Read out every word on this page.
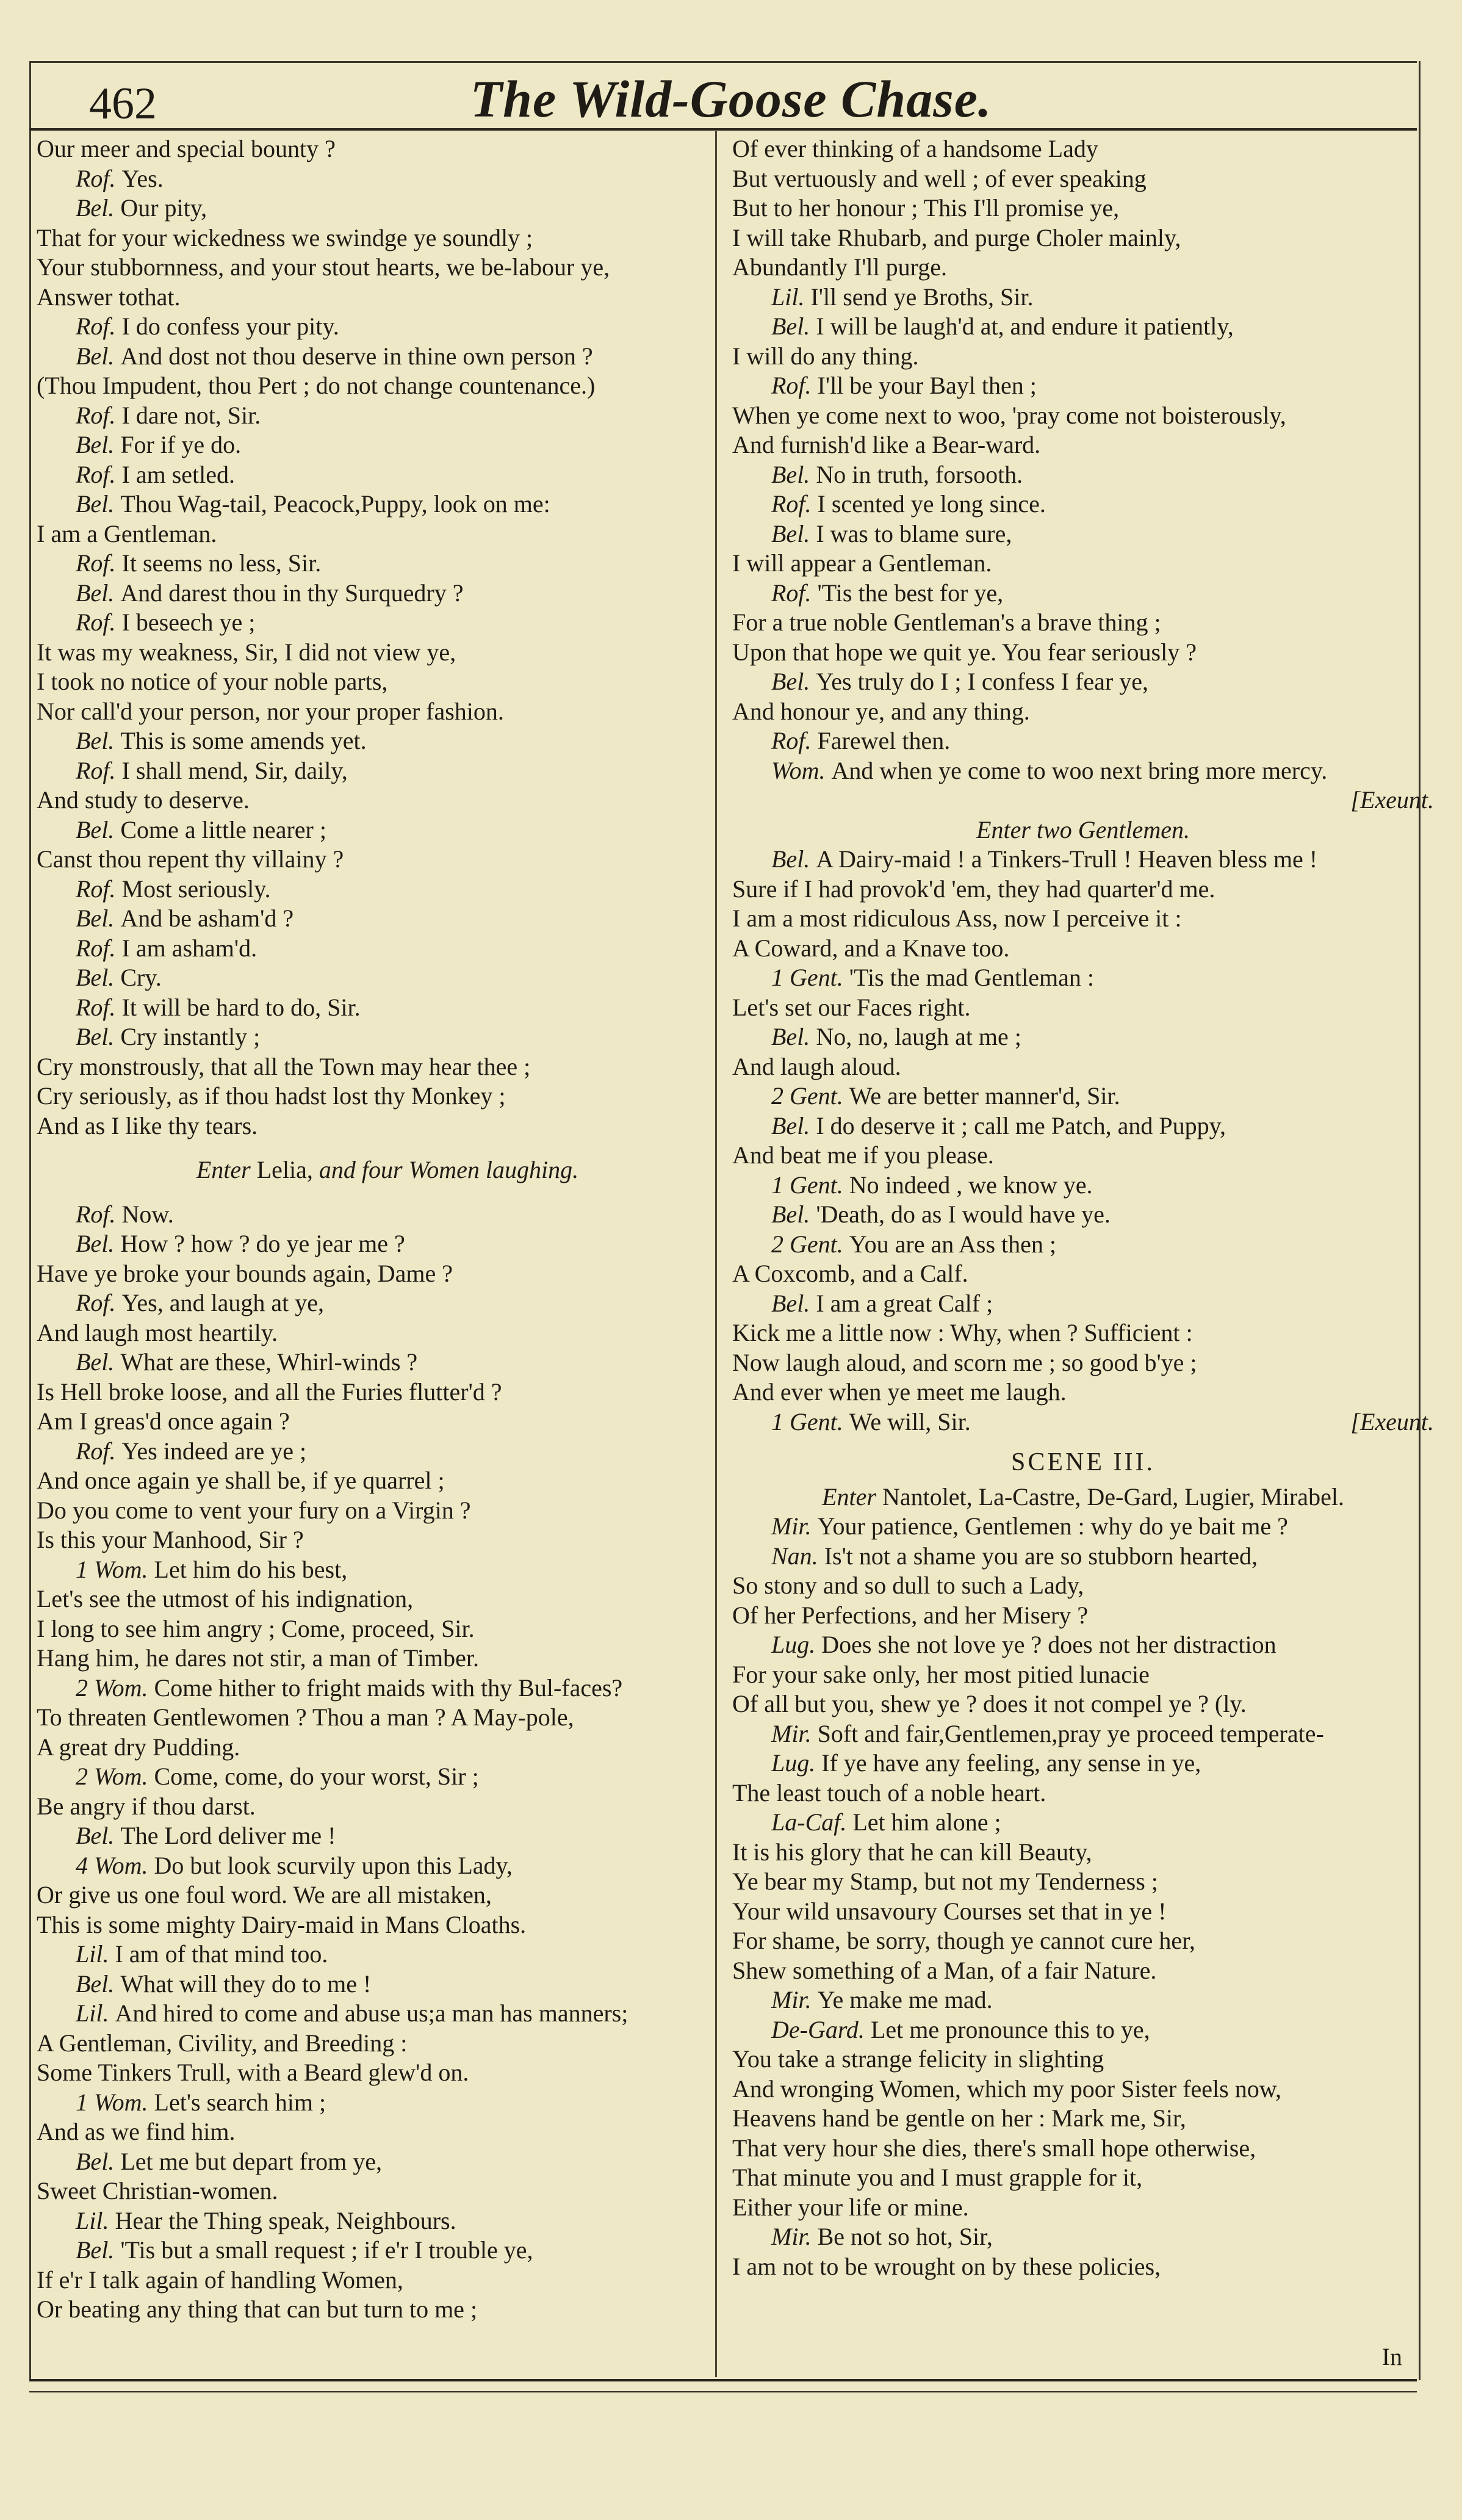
462	The Wild-Goose Chase.
Our meer and special bounty ?
Rof. Yes.
Bel. Our pity,
That for your wickedness we swindge ye soundly ;
Your stubbornness, and your stout hearts, we be-labour ye,
Answer tothat.
Rof. I do confess your pity.
Bel. And dost not thou deserve in thine own person ?
(Thou Impudent, thou Pert ; do not change countenance.)
Rof. I dare not, Sir.
Bel. For if ye do.
Rof. I am setled.
Bel. Thou Wag-tail, Peacock,Puppy, look on me:
I am a Gentleman.
Rof. It seems no less, Sir.
Bel. And darest thou in thy Surquedry ?
Rof. I beseech ye ;
It was my weakness, Sir, I did not view ye,
I took no notice of your noble parts,
Nor call'd your person, nor your proper fashion.
Bel. This is some amends yet.
Rof. I shall mend, Sir, daily,
And study to deserve.
Bel. Come a little nearer ;
Canst thou repent thy villainy ?
Rof. Most seriously.
Bel. And be asham'd ?
Rof. I am asham'd.
Bel. Cry.
Rof. It will be hard to do, Sir.
Bel. Cry instantly ;
Cry monstrously, that all the Town may hear thee ;
Cry seriously, as if thou hadst lost thy Monkey ;
And as I like thy tears.
Enter Lelia, and four Women laughing.
Rof. Now.
Bel. How ? how ? do ye jear me ?
Have ye broke your bounds again, Dame ?
Rof. Yes, and laugh at ye,
And laugh most heartily.
Bel. What are these, Whirl-winds ?
Is Hell broke loose, and all the Furies flutter'd ?
Am I greas'd once again ?
Rof. Yes indeed are ye ;
And once again ye shall be, if ye quarrel ;
Do you come to vent your fury on a Virgin ?
Is this your Manhood, Sir ?
1 Wom. Let him do his best,
Let's see the utmost of his indignation,
I long to see him angry ; Come, proceed, Sir.
Hang him, he dares not stir, a man of Timber.
2 Wom. Come hither to fright maids with thy Bul-faces?
To threaten Gentlewomen ? Thou a man ? A May-pole,
A great dry Pudding.
2 Wom. Come, come, do your worst, Sir ;
Be angry if thou darst.
Bel. The Lord deliver me !
4 Wom. Do but look scurvily upon this Lady,
Or give us one foul word. We are all mistaken,
This is some mighty Dairy-maid in Mans Cloaths.
Lil. I am of that mind too.
Bel. What will they do to me !
Lil. And hired to come and abuse us;a man has manners;
A Gentleman, Civility, and Breeding :
Some Tinkers Trull, with a Beard glew'd on.
1 Wom. Let's search him ;
And as we find him.
Bel. Let me but depart from ye,
Sweet Christian-women.
Lil. Hear the Thing speak, Neighbours.
Bel. 'Tis but a small request ; if e'r I trouble ye,
If e'r I talk again of handling Women,
Or beating any thing that can but turn to me ;
Of ever thinking of a handsome Lady
But vertuously and well ; of ever speaking
But to her honour ; This I'll promise ye,
I will take Rhubarb, and purge Choler mainly,
Abundantly I'll purge.
Lil. I'll send ye Broths, Sir.
Bel. I will be laugh'd at, and endure it patiently,
I will do any thing.
Rof. I'll be your Bayl then ;
When ye come next to woo, 'pray come not boisterously,
And furnish'd like a Bear-ward.
Bel. No in truth, forsooth.
Rof. I scented ye long since.
Bel. I was to blame sure,
I will appear a Gentleman.
Rof. 'Tis the best for ye,
For a true noble Gentleman's a brave thing ;
Upon that hope we quit ye. You fear seriously ?
Bel. Yes truly do I ; I confess I fear ye,
And honour ye, and any thing.
Rof. Farewel then.
Wom. And when ye come to woo next bring more mercy.
[Exeunt.
Enter two Gentlemen.
Bel. A Dairy-maid ! a Tinkers-Trull ! Heaven bless me !
Sure if I had provok'd 'em, they had quarter'd me.
I am a most ridiculous Ass, now I perceive it :
A Coward, and a Knave too.
1 Gent. 'Tis the mad Gentleman :
Let's set our Faces right.
Bel. No, no, laugh at me ;
And laugh aloud.
2 Gent. We are better manner'd, Sir.
Bel. I do deserve it ; call me Patch, and Puppy,
And beat me if you please.
1 Gent. No indeed , we know ye.
Bel. 'Death, do as I would have ye.
2 Gent. You are an Ass then ;
A Coxcomb, and a Calf.
Bel. I am a great Calf ;
Kick me a little now : Why, when ? Sufficient :
Now laugh aloud, and scorn me ; so good b'ye ;
And ever when ye meet me laugh.
1 Gent. We will, Sir.	[Exeunt.
SCENE III.
Enter Nantolet, La-Castre, De-Gard, Lugier, Mirabel.
Mir. Your patience, Gentlemen : why do ye bait me ?
Nan. Is't not a shame you are so stubborn hearted,
So stony and so dull to such a Lady,
Of her Perfections, and her Misery ?
Lug. Does she not love ye ? does not her distraction
For your sake only, her most pitied lunacie
Of all but you, shew ye ? does it not compel ye ? (ly.
Mir. Soft and fair,Gentlemen,pray ye proceed temperate-
Lug. If ye have any feeling, any sense in ye,
The least touch of a noble heart.
La-Caf. Let him alone ;
It is his glory that he can kill Beauty,
Ye bear my Stamp, but not my Tenderness ;
Your wild unsavoury Courses set that in ye !
For shame, be sorry, though ye cannot cure her,
Shew something of a Man, of a fair Nature.
Mir. Ye make me mad.
De-Gard. Let me pronounce this to ye,
You take a strange felicity in slighting
And wronging Women, which my poor Sister feels now,
Heavens hand be gentle on her : Mark me, Sir,
That very hour she dies, there's small hope otherwise,
That minute you and I must grapple for it,
Either your life or mine.
Mir. Be not so hot, Sir,
I am not to be wrought on by these policies,
In
